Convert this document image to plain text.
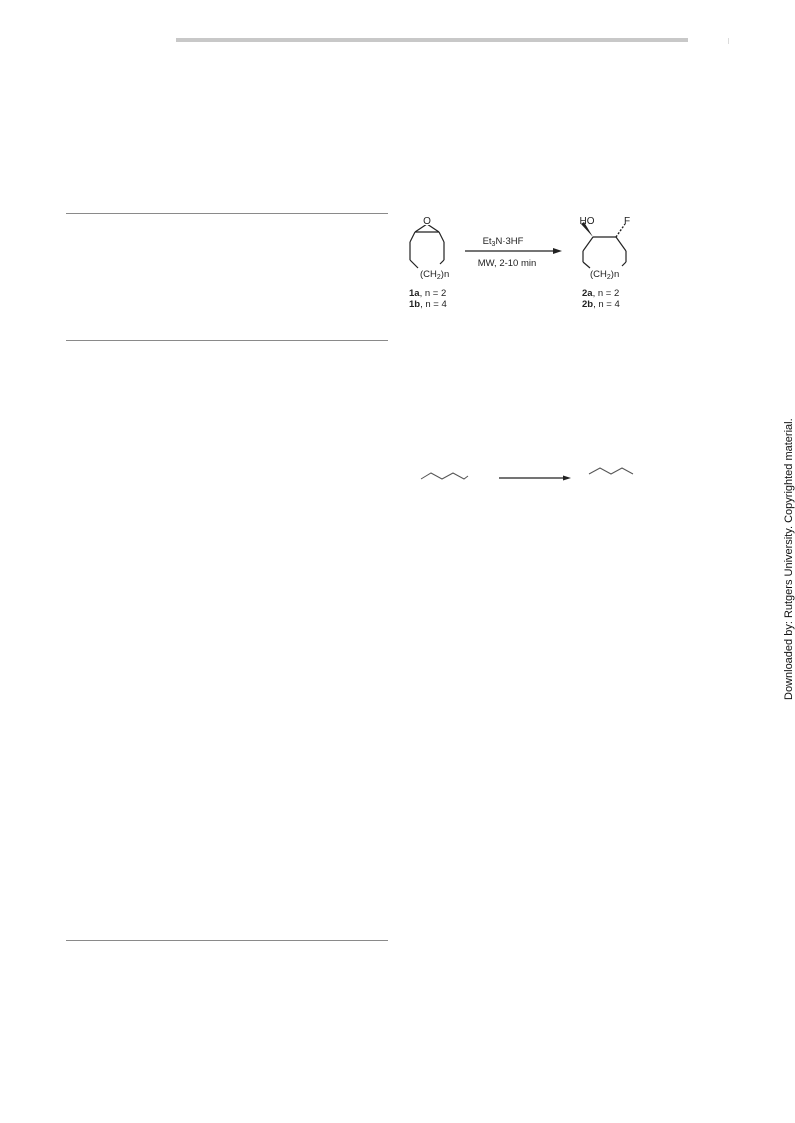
O
$(CH_2)n$
1a, n = 2
1b, n = 4
$Et_3N\cdot 3HF$
MW, 2-10 min
HO	F
$(CH_2)n$
2a, n = 2
2b, n = 4
Downloaded by: Rutgers University. Copyrighted material.
